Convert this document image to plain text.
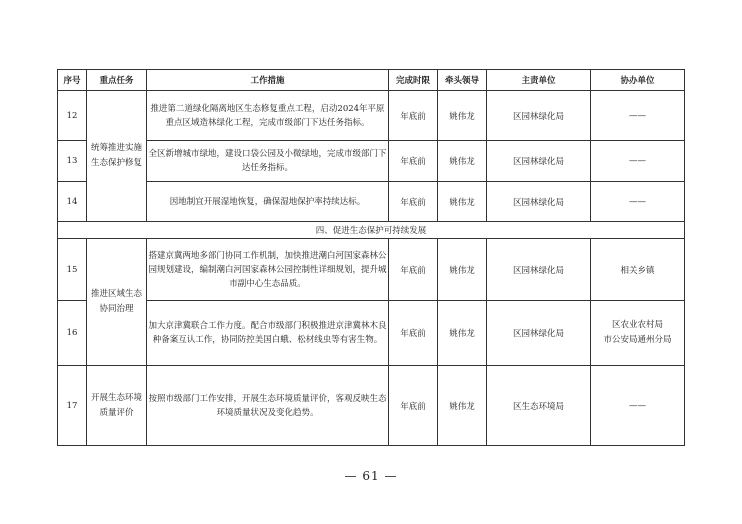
序号	重点任务	工作措施	完成时限	牵头领导	主责单位	协办单位
12	统筹推进实施生态保护修复	推进第二道绿化隔离地区生态修复重点工程，启动2024年平原重点区域造林绿化工程，完成市级部门下达任务指标。	年底前	姚伟龙	区园林绿化局	——
13		全区新增城市绿地，建设口袋公园及小微绿地，完成市级部门下达任务指标。	年底前	姚伟龙	区园林绿化局	——
14		因地制宜开展湿地恢复，确保湿地保护率持续达标。	年底前	姚伟龙	区园林绿化局	——
四、促进生态保护可持续发展						
15	推进区域生态协同治理	搭建京冀两地多部门协同工作机制，加快推进潮白河国家森林公园规划建设，编制潮白河国家森林公园控制性详细规划，提升城市副中心生态品质。	年底前	姚伟龙	区园林绿化局	相关乡镇
16		加大京津冀联合工作力度。配合市级部门积极推进京津冀林木良种备案互认工作，协同防控美国白蛾、松材线虫等有害生物。	年底前	姚伟龙	区园林绿化局	区农业农村局
市公安局通州分局

17	开展生态环境质量评价	按照市级部门工作安排，开展生态环境质量评价，客观反映生态环境质量状况及变化趋势。	年底前	姚伟龙	区生态环境局	——
— 61 —
